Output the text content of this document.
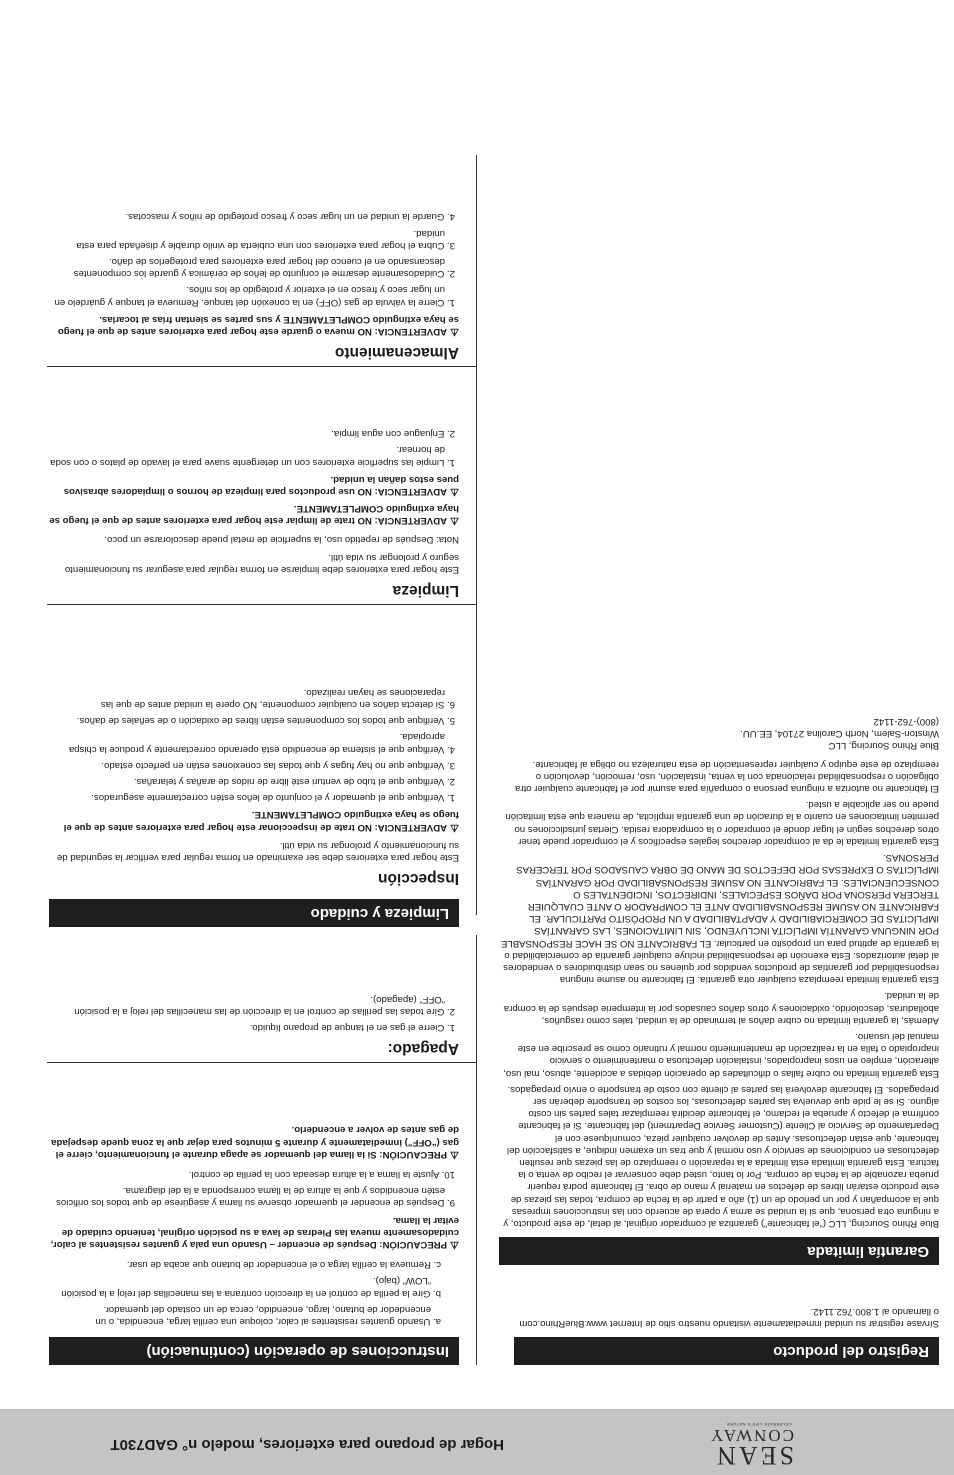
SEAN
CONWAY
CELEBRATE LIFE'S NATURE
Hogar de propano para exteriores, modelo n° GAD730T
Registro del producto
Sírvase registrar su unidad inmediatamente visitando nuestro sitio de Internet www.BlueRhino.com o llamando al 1.800.762.1142.
Garantía limitada
Blue Rhino Sourcing, LLC (“el fabricante”) garantiza al comprador original, al detal, de este producto, y a ninguna otra persona, que si la unidad se arma y opera de acuerdo con las instrucciones impresas que la acompañan y por un periodo de un (1) año a partir de la fecha de compra, todas las piezas de este producto estarán libres de defectos en material y mano de obra. El fabricante podrá requerir prueba razonable de la fecha de compra. Por lo tanto, usted debe conservar el recibo de venta o la factura. Esta garantía limitada está limitada a la reparación o reemplazo de las piezas que resulten defectuosas en condiciones de servicio y uso normal y que tras un examen indique, a satisfacción del fabricante, que están defectuosas. Antes de devolver cualquier pieza, comuníquese con el Departamento de Servicio al Cliente (Customer Service Department) del fabricante. Si el fabricante confirma el defecto y aprueba el reclamo, el fabricante decidirá reemplazar tales partes sin costo alguno. Si se le pide que devuelva las partes defectuosas, los costos de transporte deberán ser prepagados. El fabricante devolverá las partes al cliente con costo de transporte o envío prepagados.
Esta garantía limitada no cubre fallas o dificultades de operación debidas a accidente, abuso, mal uso, alteración, empleo en usos inapropiados, instalación defectuosa o mantenimiento o servicio inapropiado o falla en la realización de mantenimiento normal y rutinario como se prescribe en este manual del usuario.
Además, la garantía limitada no cubre daños al terminado de la unidad, tales como rasguños, abolladuras, descolorido, oxidaciones y otros daños causados por la intemperie después de la compra de la unidad.
Esta garantía limitada reemplaza cualquier otra garantía. El fabricante no asume ninguna responsabilidad por garantías de productos vendidos por quienes no sean distribuidores o vendedores al detal autorizados. Esta exención de responsabilidad incluye cualquier garantía de comerciabilidad o la garantía de aptitud para un propósito en particular. EL FABRICANTE NO SE HACE RESPONSABLE POR NINGUNA GARANTÍA IMPLÍCITA INCLUYENDO, SIN LIMITACIONES, LAS GARANTÍAS IMPLÍCITAS DE COMERCIABILIDAD Y ADAPTABILIDAD A UN PROPÓSITO PARTICULAR. EL FABRICANTE NO ASUME RESPONSABILIDAD ANTE EL COMPRADOR O ANTE CUALQUIER TERCERA PERSONA POR DAÑOS ESPECIALES, INDIRECTOS, INCIDENTALES O CONSECUENCIALES. EL FABRICANTE NO ASUME RESPONSABILIDAD POR GARANTÍAS IMPLÍCITAS O EXPRESAS POR DEFECTOS DE MANO DE OBRA CAUSADOS POR TERCERAS PERSONAS.
Esta garantía limitada le da al comprador derechos legales específicos y el comprador puede tener otros derechos según el lugar donde el comprador o la compradora resida. Ciertas jurisdicciones no permiten limitaciones en cuanto a la duración de una garantía implícita, de manera que esta limitación puede no ser aplicable a usted.
El fabricante no autoriza a ninguna persona o compañía para asumir por el fabricante cualquier otra obligación o responsabilidad relacionada con la venta, instalación, uso, remoción, devolución o reemplazo de este equipo y cualquier representación de esta naturaleza no obliga al fabricante.
Blue Rhino Sourcing, LLC
Winston-Salem, North Carolina 27104, EE.UU.
(800)-762-1142
Instrucciones de operación (continuación)
a. Usando guantes resistentes al calor, coloque una cerilla larga, encendida, o un encendedor de butano, largo, encendido, cerca de un costado del quemador.
b. Gire la perilla de control en la dirección contraria a las manecillas del reloj a la posición “LOW” (bajo).
c. Remueva la cerilla larga o el encendedor de butano que acaba de usar.
⚠PRECAUCIÓN: Después de encender – Usando una pala y guantes resistentes al calor, cuidadosamente mueva las Piedras de lava a su posición original, teniendo cuidado de evitar la llama.
9. Después de encender el quemador observe su llama y asegúrese de que todos los orificios estén encendidos y que la altura de la llama corresponda a la del diagrama.
10. Ajuste la llama a la altura deseada con la perilla de control.
⚠PRECAUCIÓN: Si la llama del quemador se apaga durante el funcionamiento, cierre el gas (“OFF”) inmediatamente y durante 5 minutos para dejar que la zona quede despejada de gas antes de volver a encenderlo.
Apagado:
1. Cierre el gas en el tanque de propano líquido.
2. Gire todas las perillas de control en la dirección de las manecillas del reloj a la posición “OFF” (apagado).
Limpieza y cuidado
Inspección
Este hogar para exteriores debe ser examinado en forma regular para verificar la seguridad de su funcionamiento y prolongar su vida útil.
⚠ADVERTENCIA: NO trate de inspeccionar este hogar para exteriores antes de que el fuego se haya extinguido COMPLETAMENTE.
1. Verifique que el quemador y el conjunto de leños estén correctamente asegurados.
2. Verifique que el tubo de venturi esté libre de nidos de arañas y telarañas.
3. Verifique que no hay fugas y que todas las conexiones están en perfecto estado.
4. Verifique que el sistema de encendido está operando correctamente y produce la chispa apropiada.
5. Verifique que todos los componentes están libres de oxidación o de señales de daños.
6. Si detecta daños en cualquier componente, NO opere la unidad antes de que las reparaciones se hayan realizado.
Limpieza
Este hogar para exteriores debe limpiarse en forma regular para asegurar su funcionamiento seguro y prolongar su vida útil.
Nota: Después de repetido uso, la superficie de metal puede descolorarse un poco.
⚠ADVERTENCIA: NO trate de limpiar este hogar para exteriores antes de que el fuego se haya extinguido COMPLETAMENTE.
⚠ADVERTENCIA: NO use productos para limpieza de hornos o limpiadores abrasivos pues estos dañan la unidad.
1. Limpie las superficie exteriores con un detergente suave para el lavado de platos o con soda de hornear.
2. Enjuague con agua limpia.
Almacenamiento
⚠ADVERTENCIA: NO mueva o guarde este hogar para exteriores antes de que el fuego se haya extinguido COMPLETAMENTE y sus partes se sientan frías al tocarlas.
1. Cierre la válvula de gas (OFF) en la conexión del tanque. Remueva el tanque y guárdelo en un lugar seco y fresco en el exterior y protegido de los niños.
2. Cuidadosamente desarme el conjunto de leños de cerámica y guarde los componentes descansando en el cuenco del hogar para exteriores para protegerlos de daño.
3. Cubra el hogar para exteriores con una cubierta de vinilo durable y diseñada para esta unidad.
4. Guarde la unidad en un lugar seco y fresco protegido de niños y mascotas.
